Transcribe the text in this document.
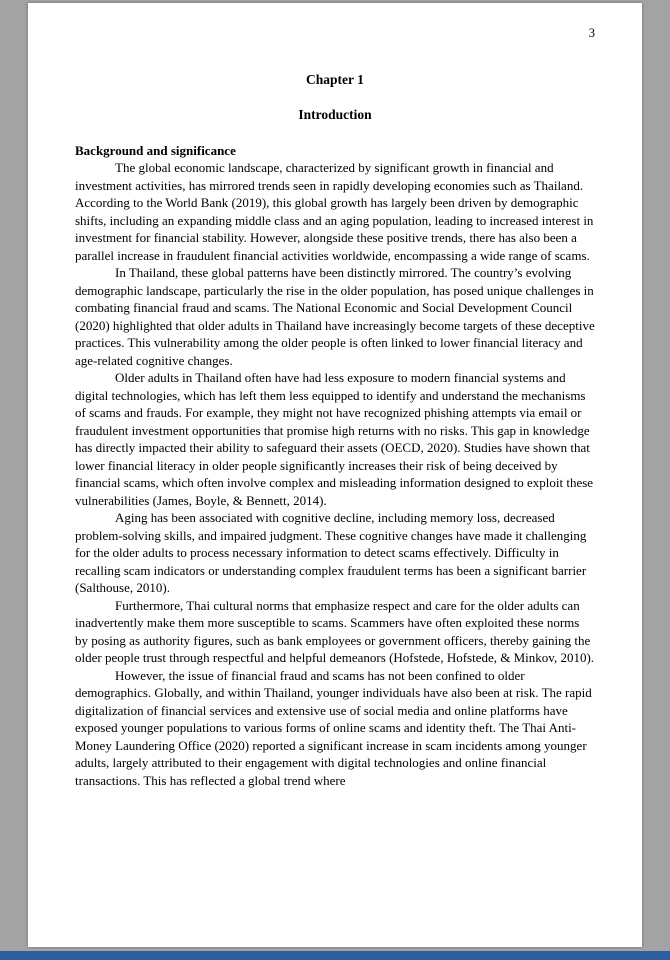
3
Chapter 1
Introduction
Background and significance

The global economic landscape, characterized by significant growth in financial and investment activities, has mirrored trends seen in rapidly developing economies such as Thailand. According to the World Bank (2019), this global growth has largely been driven by demographic shifts, including an expanding middle class and an aging population, leading to increased interest in investment for financial stability. However, alongside these positive trends, there has also been a parallel increase in fraudulent financial activities worldwide, encompassing a wide range of scams.

In Thailand, these global patterns have been distinctly mirrored. The country’s evolving demographic landscape, particularly the rise in the older population, has posed unique challenges in combating financial fraud and scams. The National Economic and Social Development Council (2020) highlighted that older adults in Thailand have increasingly become targets of these deceptive practices. This vulnerability among the older people is often linked to lower financial literacy and age-related cognitive changes.

Older adults in Thailand often have had less exposure to modern financial systems and digital technologies, which has left them less equipped to identify and understand the mechanisms of scams and frauds. For example, they might not have recognized phishing attempts via email or fraudulent investment opportunities that promise high returns with no risks. This gap in knowledge has directly impacted their ability to safeguard their assets (OECD, 2020). Studies have shown that lower financial literacy in older people significantly increases their risk of being deceived by financial scams, which often involve complex and misleading information designed to exploit these vulnerabilities (James, Boyle, & Bennett, 2014).

Aging has been associated with cognitive decline, including memory loss, decreased problem-solving skills, and impaired judgment. These cognitive changes have made it challenging for the older adults to process necessary information to detect scams effectively. Difficulty in recalling scam indicators or understanding complex fraudulent terms has been a significant barrier (Salthouse, 2010).

Furthermore, Thai cultural norms that emphasize respect and care for the older adults can inadvertently make them more susceptible to scams. Scammers have often exploited these norms by posing as authority figures, such as bank employees or government officers, thereby gaining the older people trust through respectful and helpful demeanors (Hofstede, Hofstede, & Minkov, 2010).

However, the issue of financial fraud and scams has not been confined to older demographics. Globally, and within Thailand, younger individuals have also been at risk. The rapid digitalization of financial services and extensive use of social media and online platforms have exposed younger populations to various forms of online scams and identity theft. The Thai Anti-Money Laundering Office (2020) reported a significant increase in scam incidents among younger adults, largely attributed to their engagement with digital technologies and online financial transactions. This has reflected a global trend where
